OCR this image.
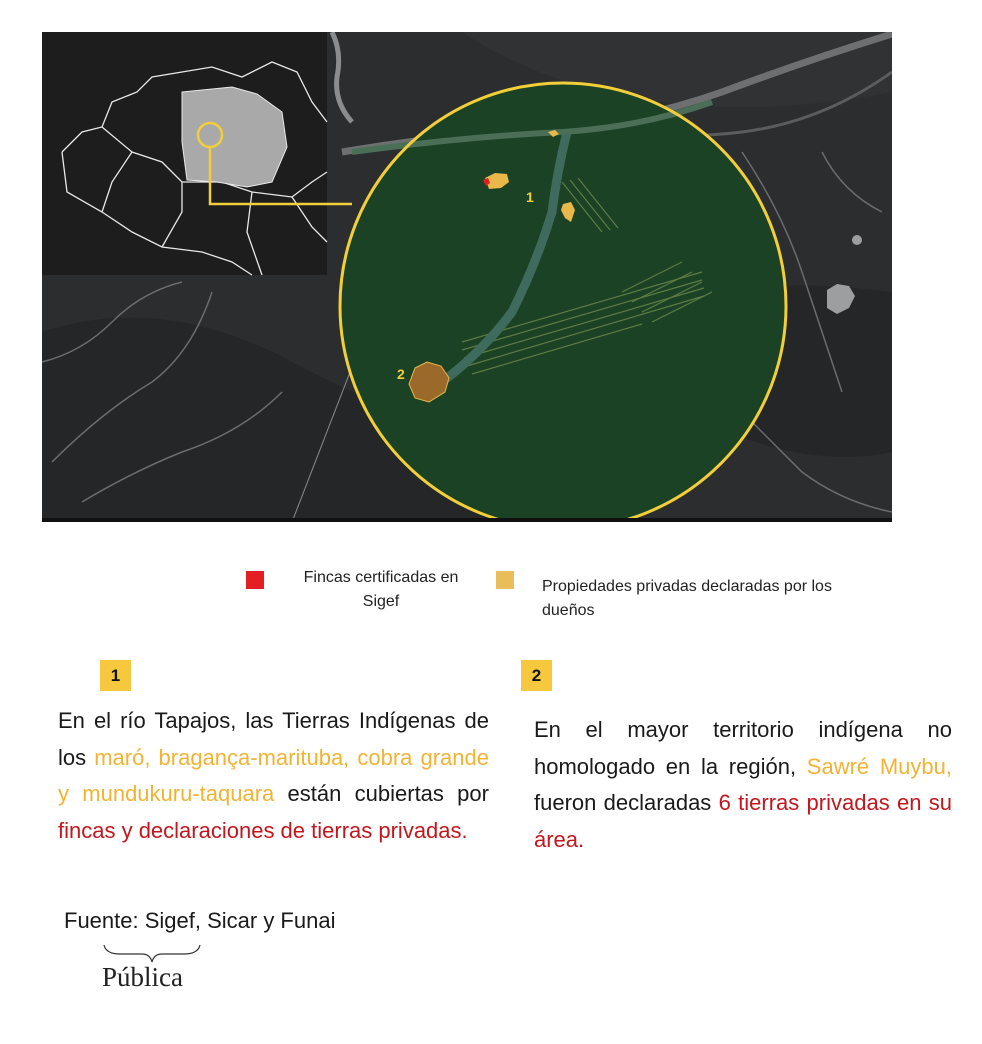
1
2
Fincas certificadas en
Sigef
Propiedades privadas declaradas por los
dueños
1

En el río Tapajos, las Tierras Indígenas de los maró, bragança-marituba, cobra grande y mundukuru-taquara están cubiertas por fincas y declaraciones de tierras privadas.

2

En el mayor territorio indígena no homologado en la región, Sawré Muybu, fueron declaradas 6 tierras privadas en su área.

Fuente: Sigef, Sicar y Funai
Pública
